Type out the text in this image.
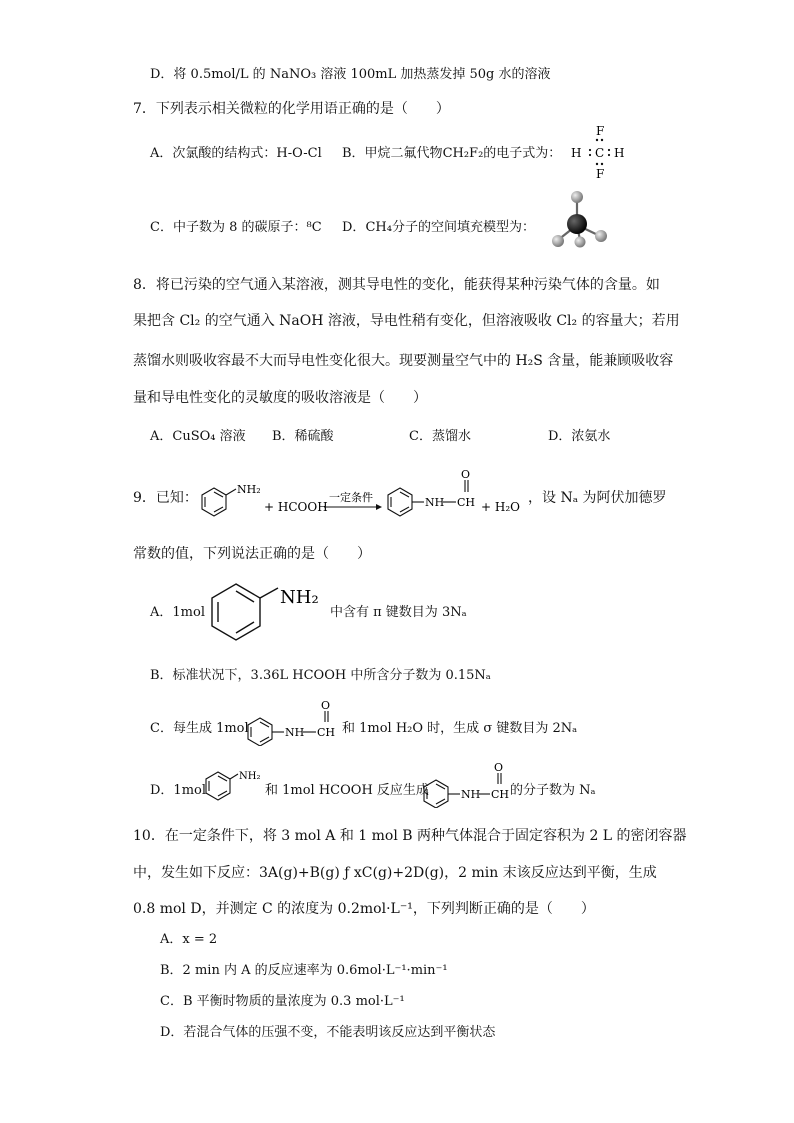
D．将 0.5mol/L 的 NaNO₃ 溶液 100mL 加热蒸发掉 50g 水的溶液
7．下列表示相关微粒的化学用语正确的是（　　）
A．次氯酸的结构式：H-O-Cl B．甲烷二氟代物CH₂F₂的电子式为：
F
H C H
F
C．中子数为 8 的碳原子：⁸C D．CH₄分子的空间填充模型为：
8．将已污染的空气通入某溶液，测其导电性的变化，能获得某种污染气体的含量。如
果把含 Cl₂ 的空气通入 NaOH 溶液，导电性稍有变化，但溶液吸收 Cl₂ 的容量大；若用
蒸馏水则吸收容最不大而导电性变化很大。现要测量空气中的 H₂S 含量，能兼顾吸收容
量和导电性变化的灵敏度的吸收溶液是（　　）
A．CuSO₄ 溶液 B．稀硫酸	C．蒸馏水	D．浓氨水
9．已知：
NH₂
+ HCOOH
一定条件	NH CH
O
+ H₂O
，设 Nₐ 为阿伏加德罗
常数的值，下列说法正确的是（　　）
A．1mol
NH₂
中含有 π 键数目为 3Nₐ
B．标准状况下，3.36L HCOOH 中所含分子数为 0.15Nₐ
C．每生成 1mol	NH CH
O
和 1mol H₂O 时，生成 σ 键数目为 2Nₐ
D．1mol
NH₂
和 1mol HCOOH 反应生成	NH CH
O
的分子数为 Nₐ
10．在一定条件下，将 3 mol A 和 1 mol B 两种气体混合于固定容积为 2 L 的密闭容器
中，发生如下反应：3A(g)+B(g) ƒ xC(g)+2D(g)，2 min 末该反应达到平衡，生成
0.8 mol D，并测定 C 的浓度为 0.2mol·L⁻¹，下列判断正确的是（　　）
A．x = 2
B．2 min 内 A 的反应速率为 0.6mol·L⁻¹·min⁻¹
C．B 平衡时物质的量浓度为 0.3 mol·L⁻¹
D．若混合气体的压强不变，不能表明该反应达到平衡状态
